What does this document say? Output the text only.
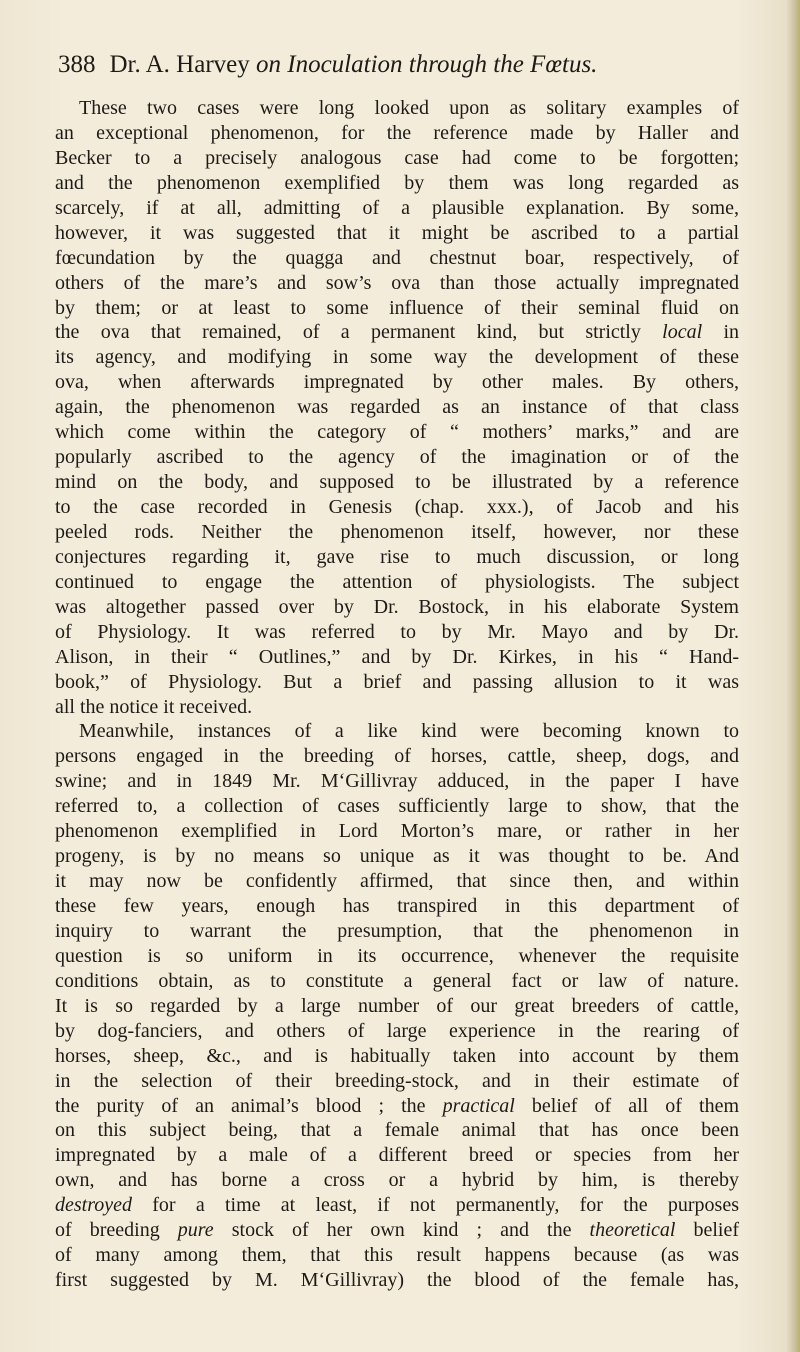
388 Dr. A. Harvey on Inoculation through the Fœtus.
These two cases were long looked upon as solitary examples of
an exceptional phenomenon, for the reference made by Haller and
Becker to a precisely analogous case had come to be forgotten;
and the phenomenon exemplified by them was long regarded as
scarcely, if at all, admitting of a plausible explanation. By some,
however, it was suggested that it might be ascribed to a partial
fœcundation by the quagga and chestnut boar, respectively, of
others of the mare’s and sow’s ova than those actually impregnated
by them; or at least to some influence of their seminal fluid on
the ova that remained, of a permanent kind, but strictly local in
its agency, and modifying in some way the development of these
ova, when afterwards impregnated by other males. By others,
again, the phenomenon was regarded as an instance of that class
which come within the category of “ mothers’ marks,” and are
popularly ascribed to the agency of the imagination or of the
mind on the body, and supposed to be illustrated by a reference
to the case recorded in Genesis (chap. xxx.), of Jacob and his
peeled rods. Neither the phenomenon itself, however, nor these
conjectures regarding it, gave rise to much discussion, or long
continued to engage the attention of physiologists. The subject
was altogether passed over by Dr. Bostock, in his elaborate System
of Physiology. It was referred to by Mr. Mayo and by Dr.
Alison, in their “ Outlines,” and by Dr. Kirkes, in his “ Hand-
book,” of Physiology. But a brief and passing allusion to it was
all the notice it received.
Meanwhile, instances of a like kind were becoming known to
persons engaged in the breeding of horses, cattle, sheep, dogs, and
swine; and in 1849 Mr. M‘Gillivray adduced, in the paper I have
referred to, a collection of cases sufficiently large to show, that the
phenomenon exemplified in Lord Morton’s mare, or rather in her
progeny, is by no means so unique as it was thought to be. And
it may now be confidently affirmed, that since then, and within
these few years, enough has transpired in this department of
inquiry to warrant the presumption, that the phenomenon in
question is so uniform in its occurrence, whenever the requisite
conditions obtain, as to constitute a general fact or law of nature.
It is so regarded by a large number of our great breeders of cattle,
by dog-fanciers, and others of large experience in the rearing of
horses, sheep, &c., and is habitually taken into account by them
in the selection of their breeding-stock, and in their estimate of
the purity of an animal’s blood ; the practical belief of all of them
on this subject being, that a female animal that has once been
impregnated by a male of a different breed or species from her
own, and has borne a cross or a hybrid by him, is thereby
destroyed for a time at least, if not permanently, for the purposes
of breeding pure stock of her own kind ; and the theoretical belief
of many among them, that this result happens because (as was
first suggested by M. M‘Gillivray) the blood of the female has,
